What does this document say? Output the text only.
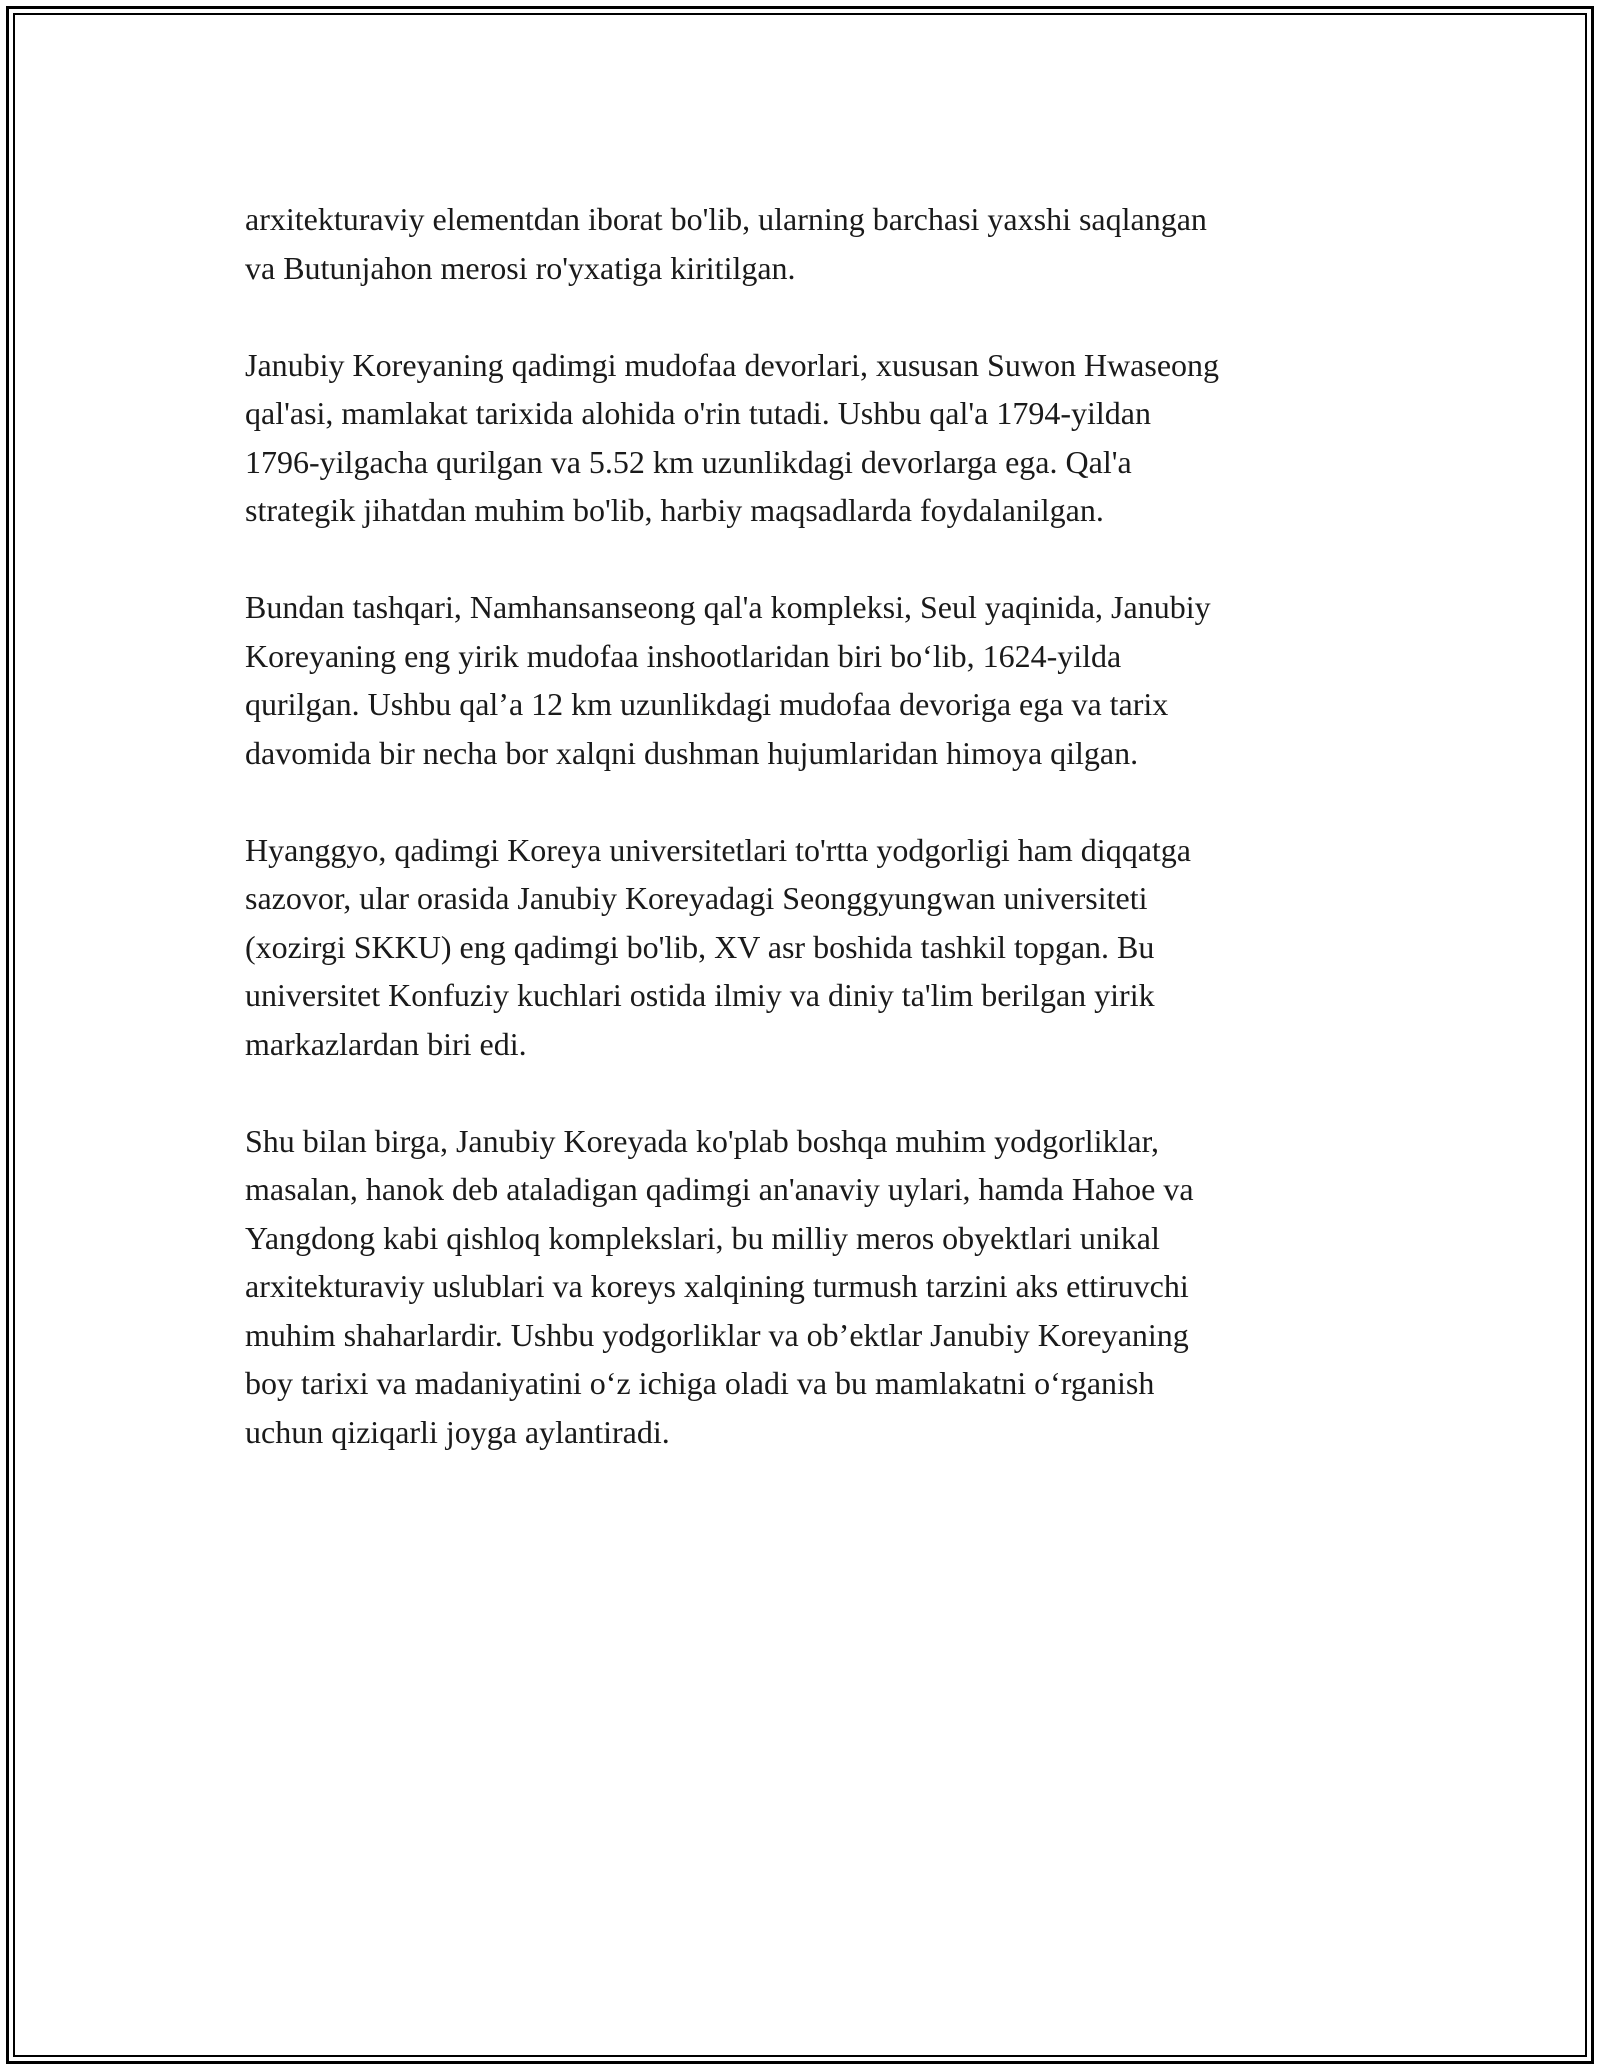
arxitekturaviy elementdan iborat bo'lib, ularning barchasi yaxshi saqlangan
va Butunjahon merosi ro'yxatiga kiritilgan.

Janubiy Koreyaning qadimgi mudofaa devorlari, xususan Suwon Hwaseong
qal'asi, mamlakat tarixida alohida o'rin tutadi. Ushbu qal'a 1794-yildan
1796-yilgacha qurilgan va 5.52 km uzunlikdagi devorlarga ega. Qal'a
strategik jihatdan muhim bo'lib, harbiy maqsadlarda foydalanilgan.

Bundan tashqari, Namhansanseong qal'a kompleksi, Seul yaqinida, Janubiy
Koreyaning eng yirik mudofaa inshootlaridan biri bo‘lib, 1624-yilda
qurilgan. Ushbu qal’a 12 km uzunlikdagi mudofaa devoriga ega va tarix
davomida bir necha bor xalqni dushman hujumlaridan himoya qilgan.

Hyanggyo, qadimgi Koreya universitetlari to'rtta yodgorligi ham diqqatga
sazovor, ular orasida Janubiy Koreyadagi Seonggyungwan universiteti
(xozirgi SKKU) eng qadimgi bo'lib, XV asr boshida tashkil topgan. Bu
universitet Konfuziy kuchlari ostida ilmiy va diniy ta'lim berilgan yirik
markazlardan biri edi.

Shu bilan birga, Janubiy Koreyada ko'plab boshqa muhim yodgorliklar,
masalan, hanok deb ataladigan qadimgi an'anaviy uylari, hamda Hahoe va
Yangdong kabi qishloq komplekslari, bu milliy meros obyektlari unikal
arxitekturaviy uslublari va koreys xalqining turmush tarzini aks ettiruvchi
muhim shaharlardir. Ushbu yodgorliklar va ob’ektlar Janubiy Koreyaning
boy tarixi va madaniyatini o‘z ichiga oladi va bu mamlakatni o‘rganish
uchun qiziqarli joyga aylantiradi.
